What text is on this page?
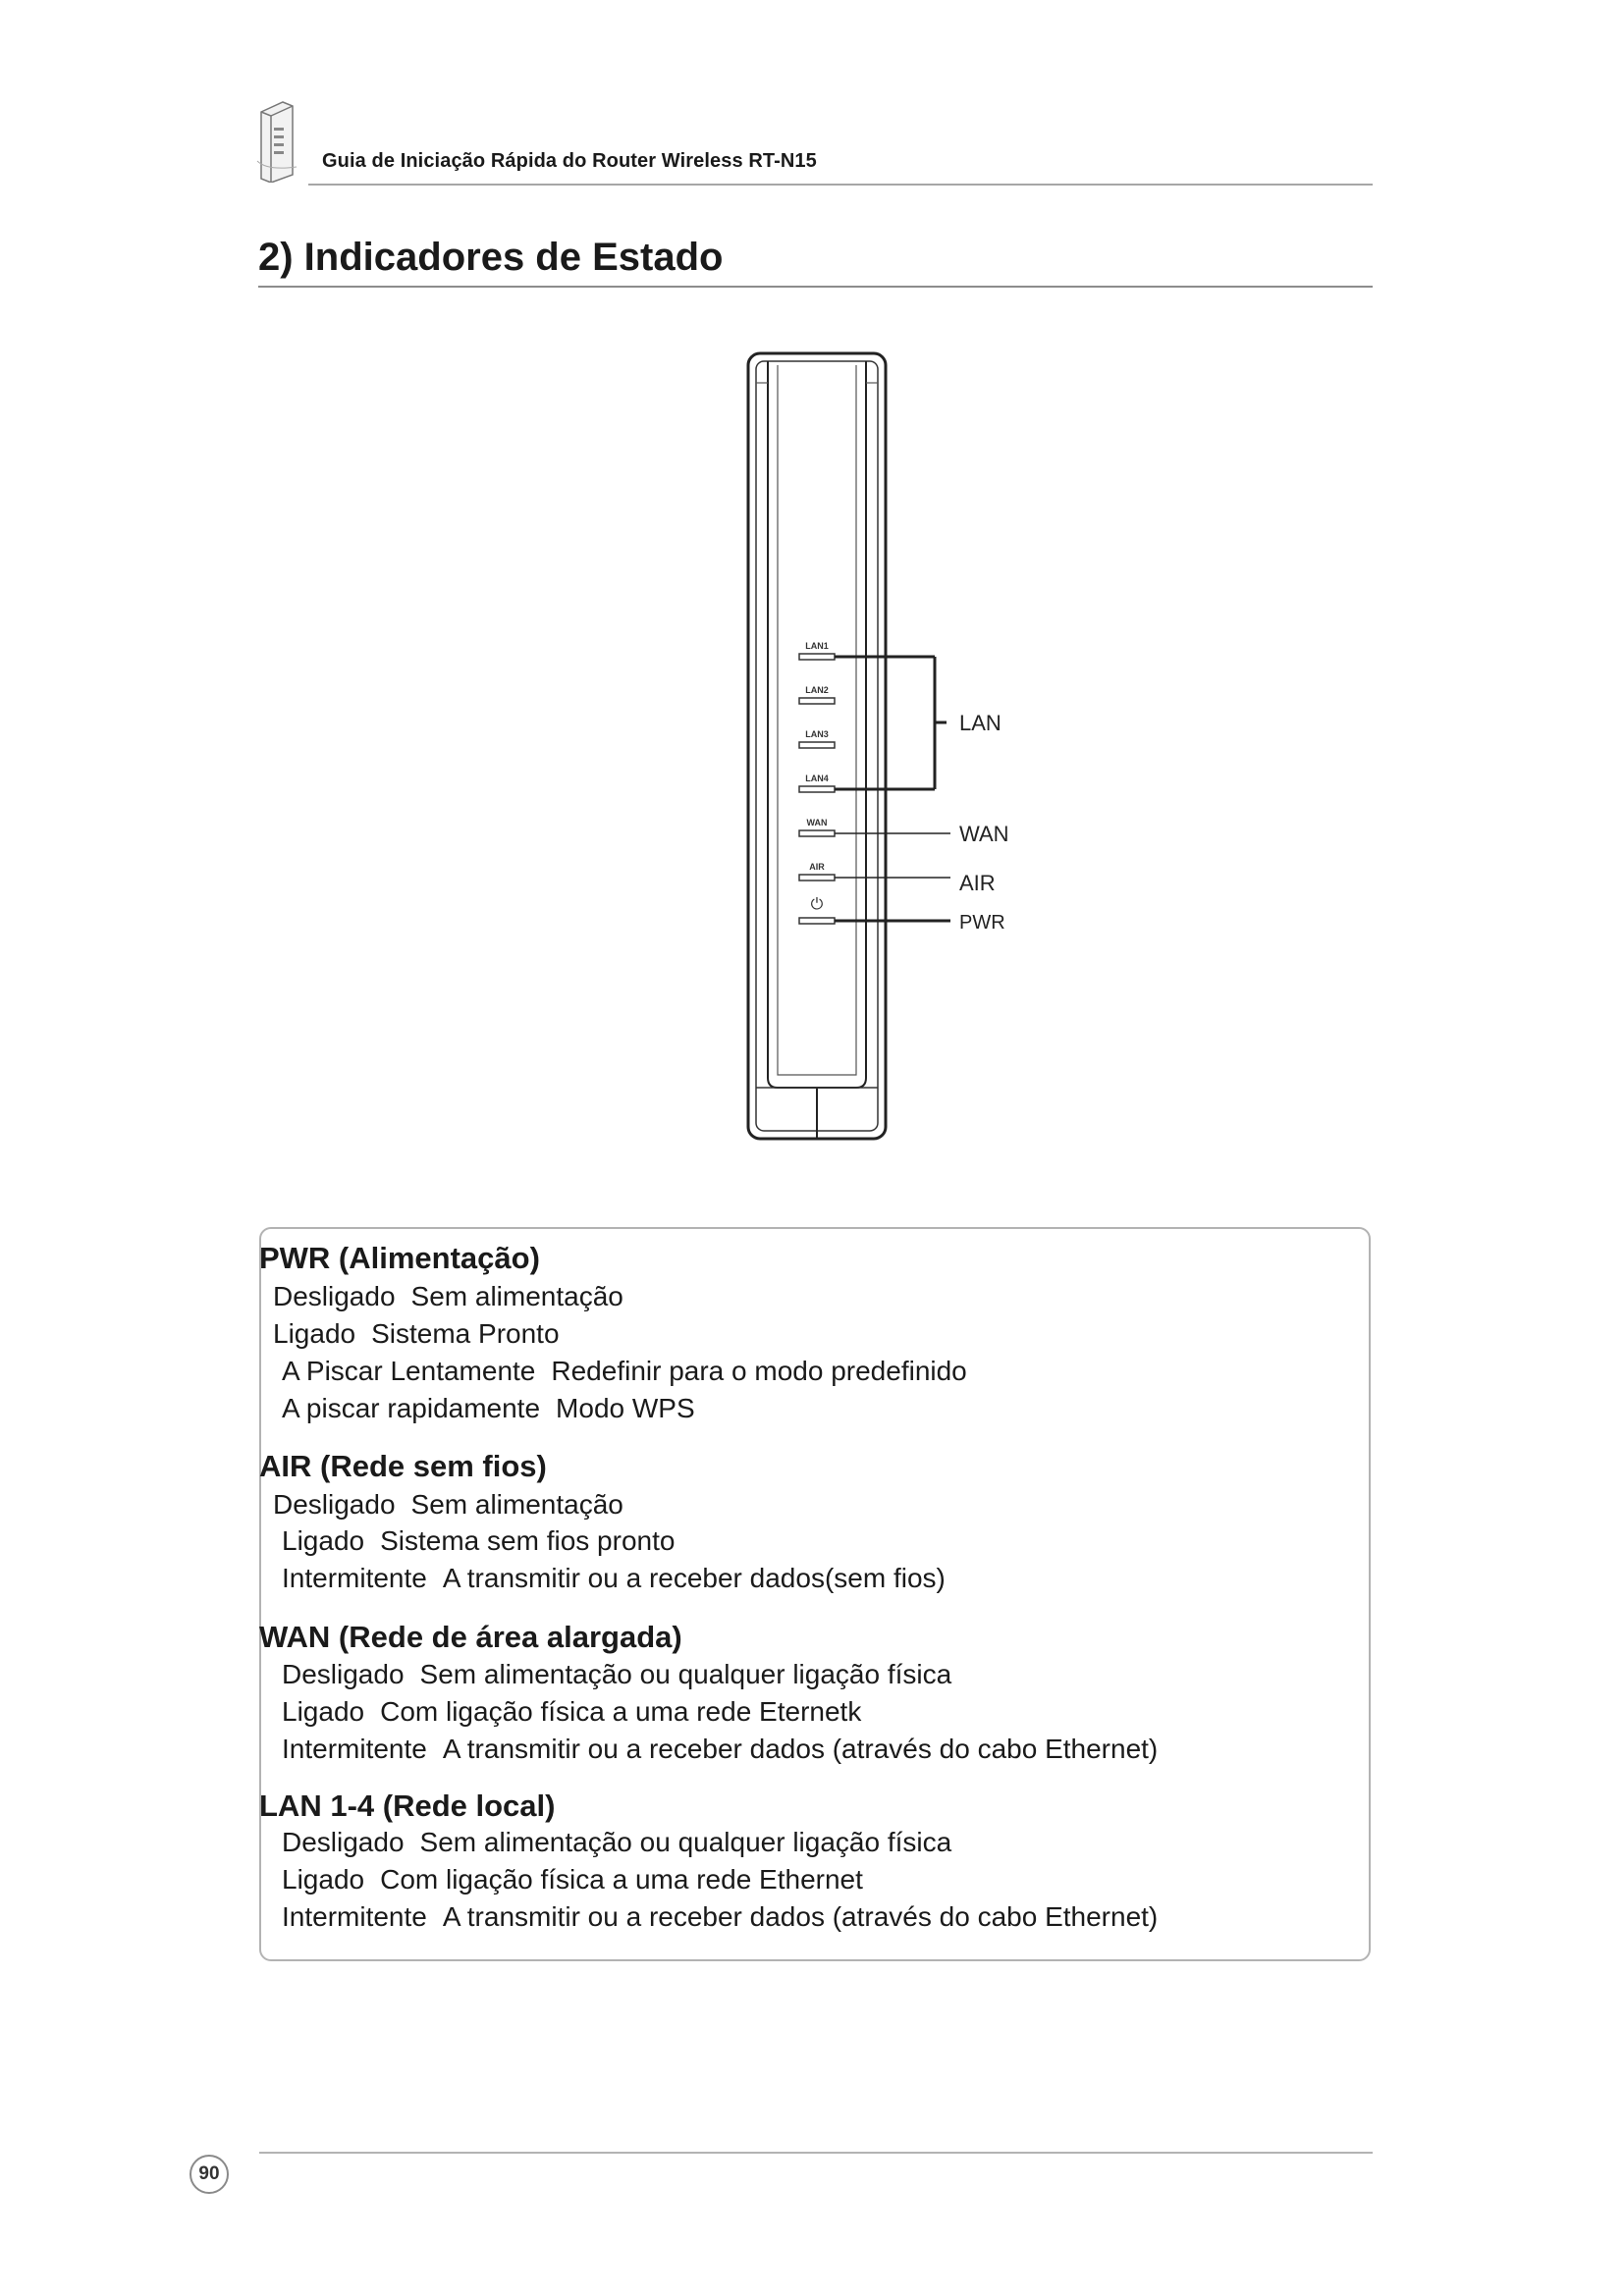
Guia de Iniciação Rápida do Router Wireless RT-N15
2) Indicadores de Estado
LAN1
LAN2
LAN3
LAN4
WAN
AIR
⏻
LAN
WAN
AIR
PWR
PWR (Alimentação)
Desligado Sem alimentação
Ligado Sistema Pronto
A Piscar Lentamente Redefinir para o modo predefinido
A piscar rapidamente Modo WPS
AIR (Rede sem fios)
Desligado Sem alimentação
Ligado Sistema sem fios pronto
Intermitente A transmitir ou a receber dados(sem fios)
WAN (Rede de área alargada)
Desligado Sem alimentação ou qualquer ligação física
Ligado Com ligação física a uma rede Eternetk
Intermitente A transmitir ou a receber dados (através do cabo Ethernet)
LAN 1-4 (Rede local)
Desligado Sem alimentação ou qualquer ligação física
Ligado Com ligação física a uma rede Ethernet
Intermitente A transmitir ou a receber dados (através do cabo Ethernet)
90
